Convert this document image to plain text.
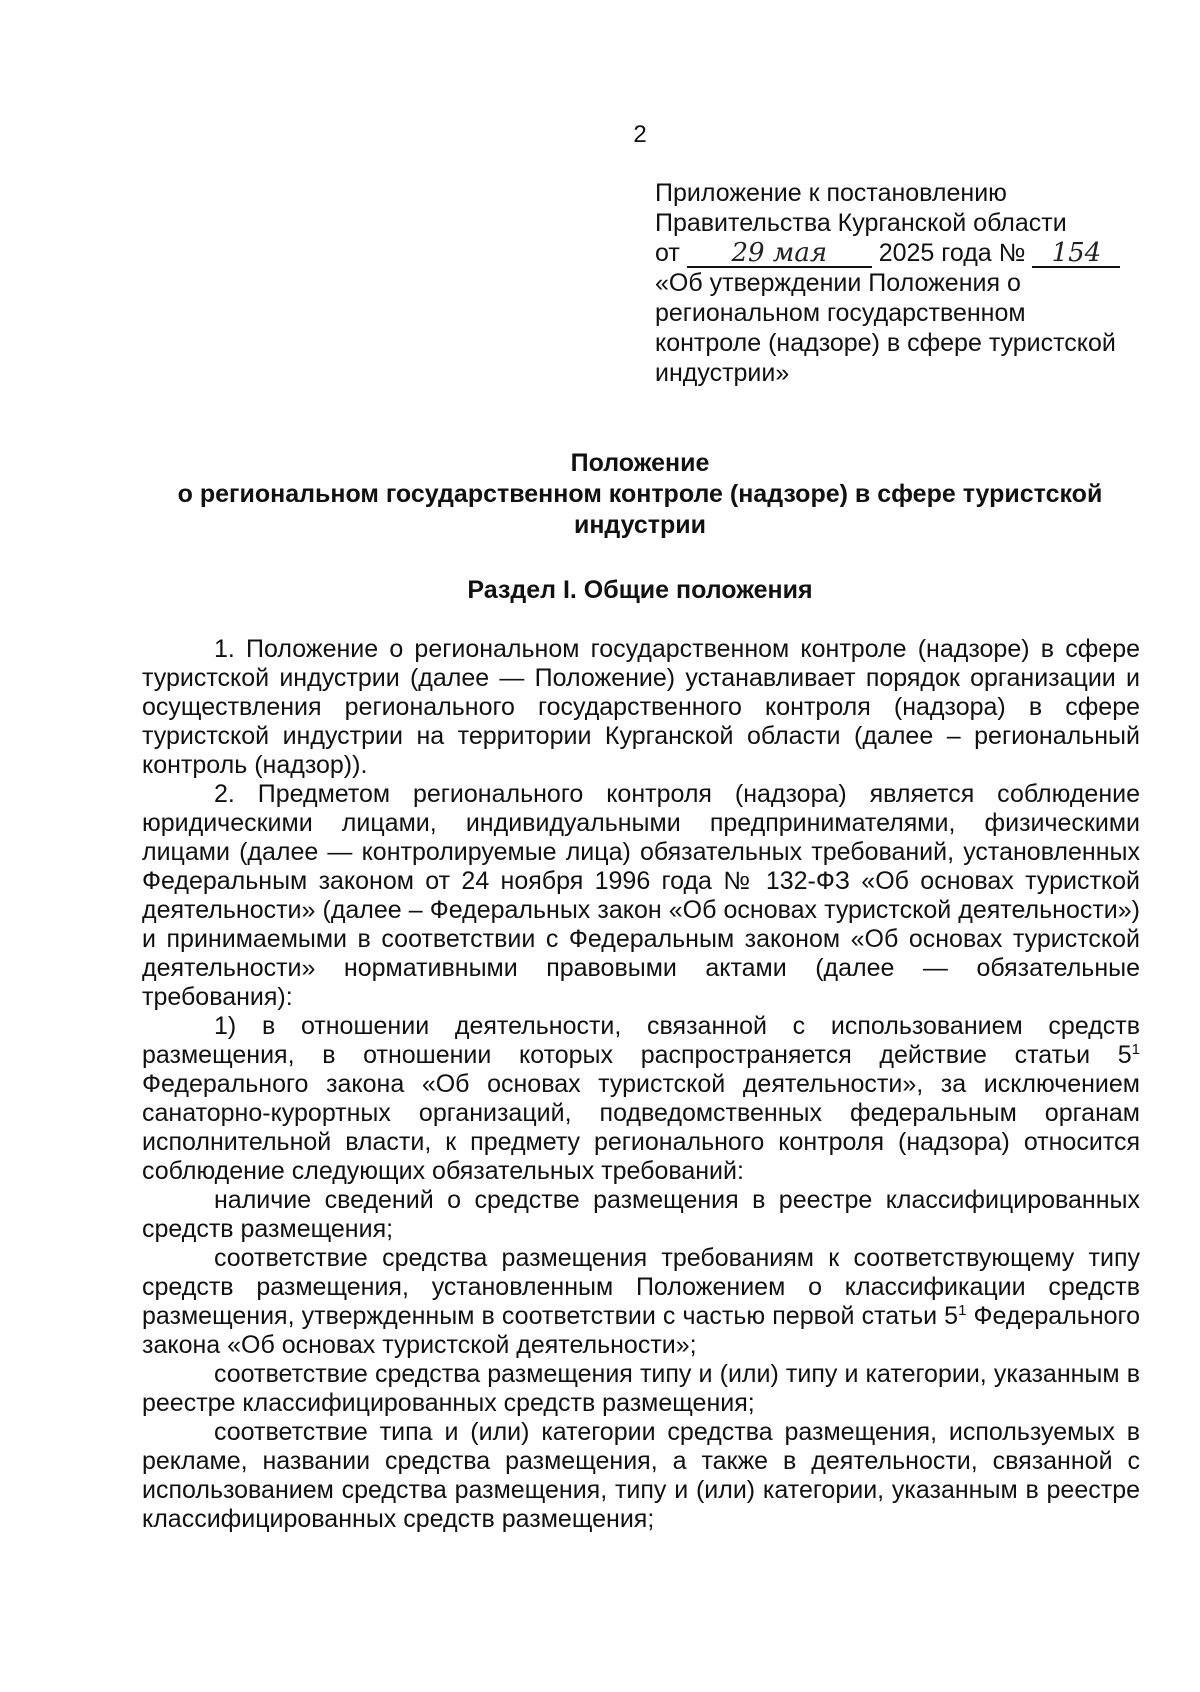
2
Приложение к постановлению
Правительства Курганской области
от 29 мая 2025 года № 154
«Об утверждении Положения о
региональном государственном
контроле (надзоре) в сфере туристской
индустрии»
Положение
о региональном государственном контроле (надзоре) в сфере туристской
индустрии
Раздел I. Общие положения

1. Положение о региональном государственном контроле (надзоре) в сфере туристской индустрии (далее — Положение) устанавливает порядок организации и осуществления регионального государственного контроля (надзора) в сфере туристской индустрии на территории Курганской области (далее – региональный контроль (надзор)).

2. Предметом регионального контроля (надзора) является соблюдение юридическими лицами, индивидуальными предпринимателями, физическими лицами (далее — контролируемые лица) обязательных требований, установленных Федеральным законом от 24 ноября 1996 года № 132-ФЗ «Об основах туристкой деятельности» (далее – Федеральных закон «Об основах туристской деятельности») и принимаемыми в соответствии с Федеральным законом «Об основах туристской деятельности» нормативными правовыми актами (далее — обязательные требования):

1) в отношении деятельности, связанной с использованием средств размещения, в отношении которых распространяется действие статьи $5^1$ Федерального закона «Об основах туристской деятельности», за исключением санаторно-курортных организаций, подведомственных федеральным органам исполнительной власти, к предмету регионального контроля (надзора) относится соблюдение следующих обязательных требований:

наличие сведений о средстве размещения в реестре классифицированных средств размещения;

соответствие средства размещения требованиям к соответствующему типу средств размещения, установленным Положением о классификации средств размещения, утвержденным в соответствии с частью первой статьи $5^1$ Федерального закона «Об основах туристской деятельности»;

соответствие средства размещения типу и (или) типу и категории, указанным в реестре классифицированных средств размещения;

соответствие типа и (или) категории средства размещения, используемых в рекламе, названии средства размещения, а также в деятельности, связанной с использованием средства размещения, типу и (или) категории, указанным в реестре классифицированных средств размещения;
